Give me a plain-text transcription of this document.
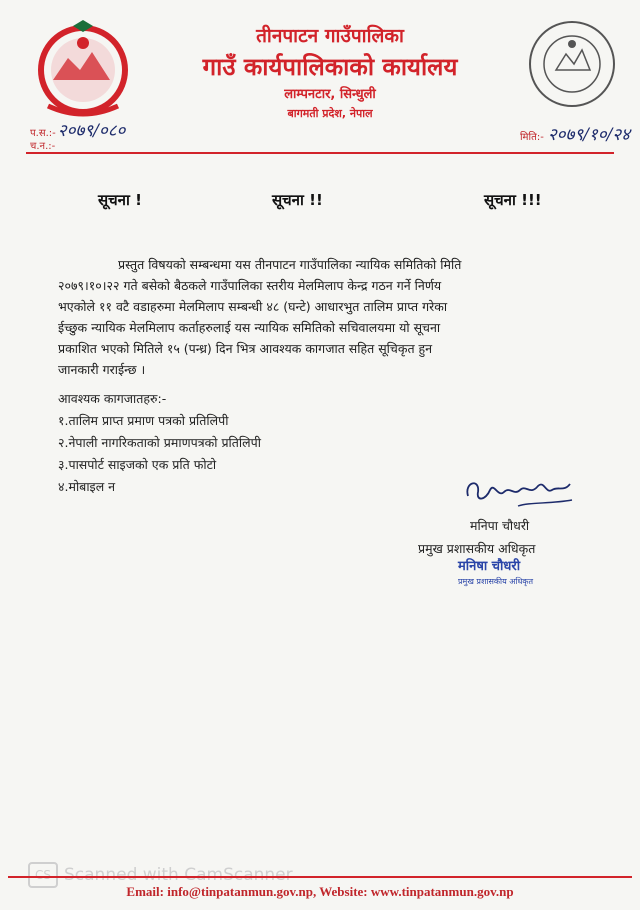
तीनपाटन गाउँपालिका
गाउँ कार्यपालिकाको कार्यालय
लाम्पनटार, सिन्धुली
बागमती प्रदेश, नेपाल
प.स.:- २०७९/०८०
च.न.:-
मिति:- २०७९/१०/२४
सूचना !	सूचना !!	सूचना !!!
प्रस्तुत विषयको सम्बन्धमा यस तीनपाटन गाउँपालिका न्यायिक समितिको मिति
२०७९।१०।२२ गते बसेको बैठकले गाउँपालिका स्तरीय मेलमिलाप केन्द्र गठन गर्ने निर्णय
भएकोले ११ वटै वडाहरुमा मेलमिलाप सम्बन्धी ४८ (घन्टे) आधारभुत तालिम प्राप्त गरेका
ईच्छुक न्यायिक मेलमिलाप कर्ताहरुलाई यस न्यायिक समितिको सचिवालयमा यो सूचना
प्रकाशित भएको मितिले १५ (पन्ध्र) दिन भित्र आवश्यक कागजात सहित सूचिकृत हुन
जानकारी गराईन्छ ।
आवश्यक कागजातहरु:-
१.तालिम प्राप्त प्रमाण पत्रको प्रतिलिपी
२.नेपाली नागरिकताको प्रमाणपत्रको प्रतिलिपी
३.पासपोर्ट साइजको एक प्रति फोटो
४.मोबाइल न
मनिपा चौधरी
प्रमुख प्रशासकीय अधिकृत
मनिषा चौधरी
प्रमुख प्रशासकीय अधिकृत
CS Scanned with CamScanner
Email: info@tinpatanmun.gov.np, Website: www.tinpatanmun.gov.np
